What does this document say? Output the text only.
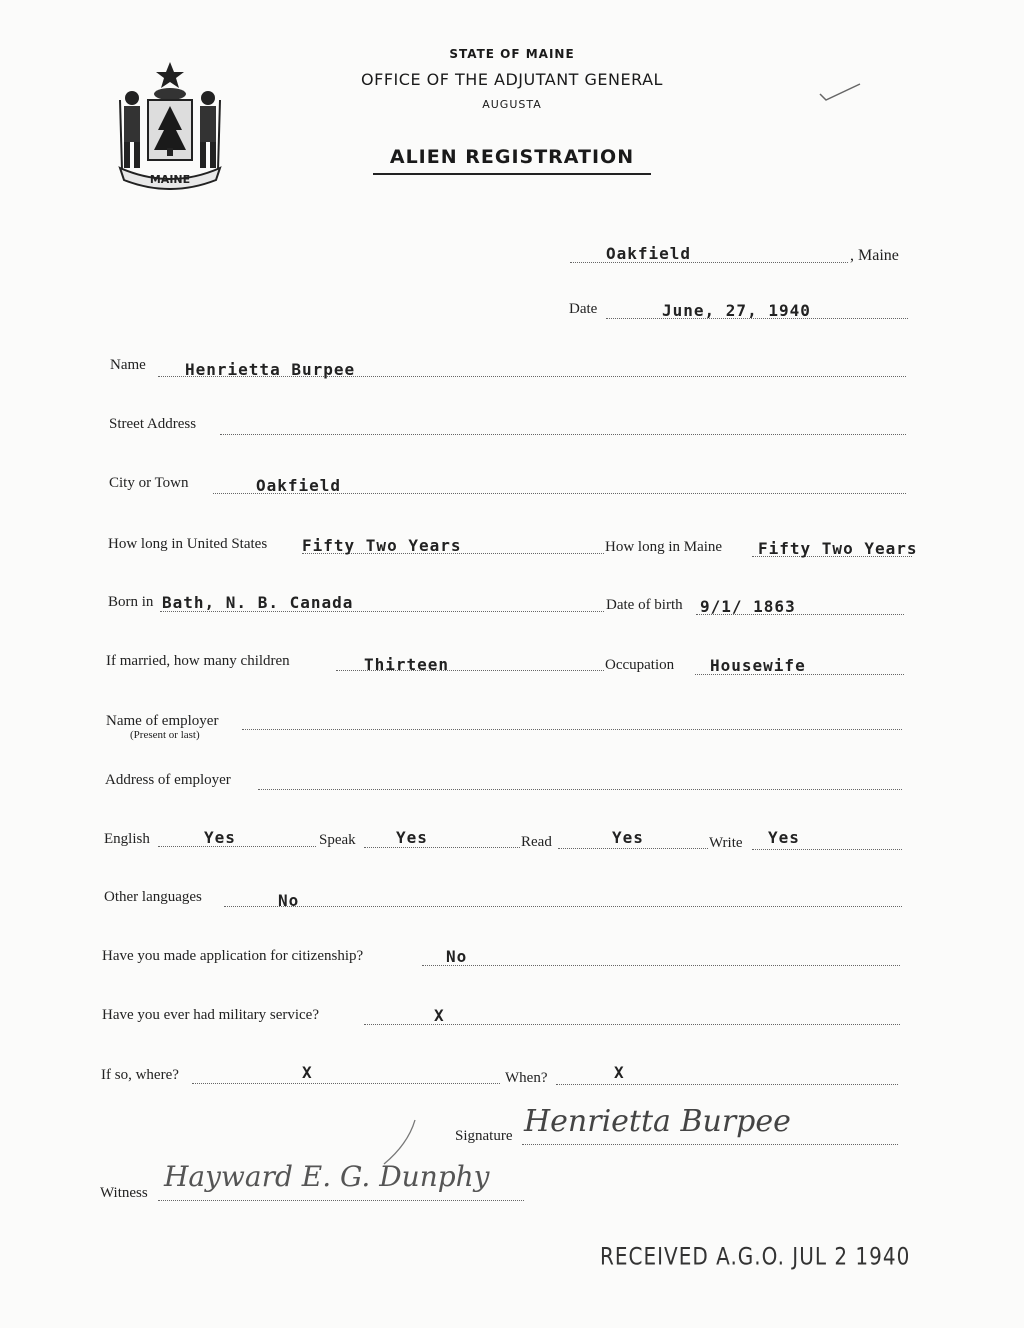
MAINE
STATE OF MAINE
OFFICE OF THE ADJUTANT GENERAL
AUGUSTA
ALIEN REGISTRATION
Oakfield	, Maine
Date	June, 27, 1940
Name Henrietta Burpee
Street Address
City or Town	Oakfield
How long in United States Fifty Two Years	How long in Maine Fifty Two Years
Born in Bath, N. B. Canada	Date of birth 9/1/ 1863
If married, how many children	Thirteen	Occupation Housewife
Name of employer
(Present or last)
Address of employer
English	Yes	Speak	Yes	Read	Yes	Write Yes
Other languages	No
Have you made application for citizenship?	No
Have you ever had military service?	X
If so, where?	X	When?	X
Signature Henrietta Burpee
Witness Hayward E. G. Dunphy
RECEIVED A.G.O. JUL 2 1940
